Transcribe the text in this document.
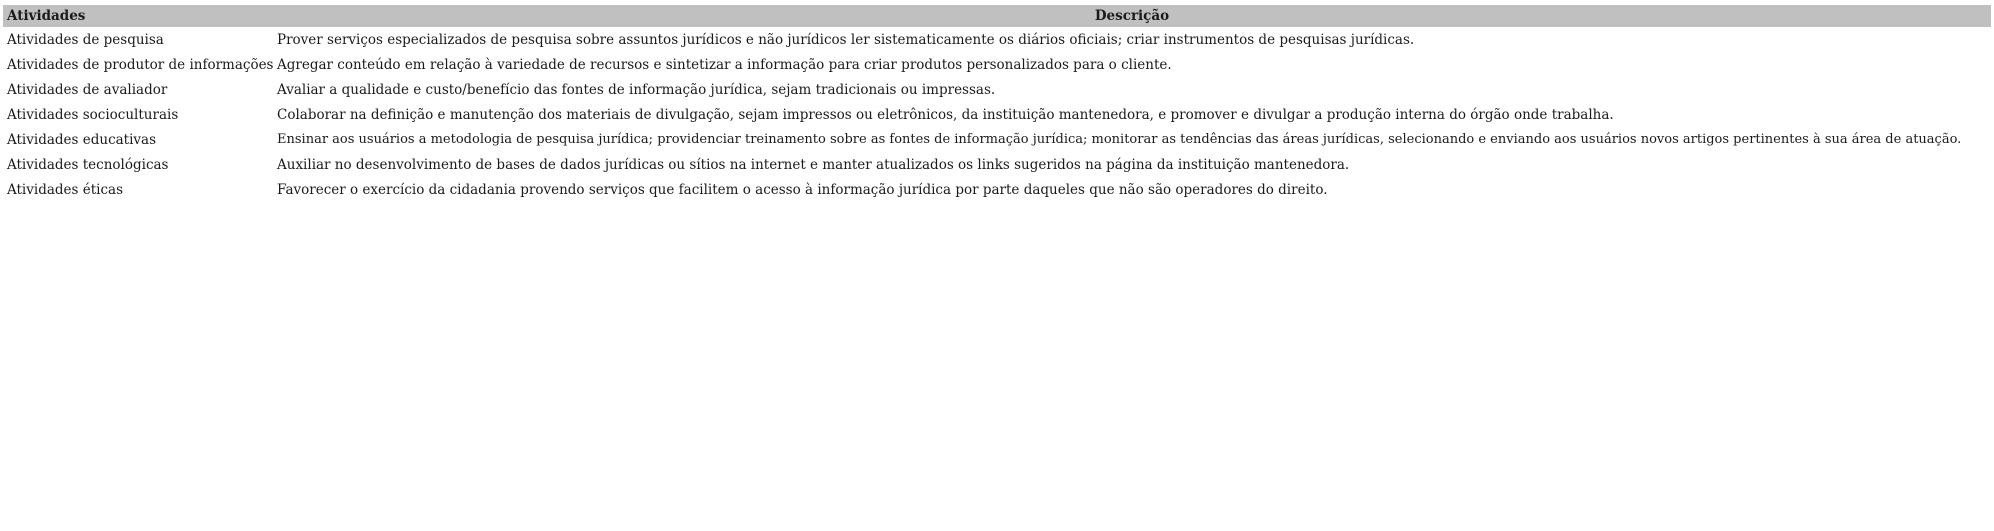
Atividades	Descrição
Atividades de pesquisa	Prover serviços especializados de pesquisa sobre assuntos jurídicos e não jurídicos ler sistematicamente os diários oficiais; criar instrumentos de pesquisas jurídicas.
Atividades de produtor de informações	Agregar conteúdo em relação à variedade de recursos e sintetizar a informação para criar produtos personalizados para o cliente.
Atividades de avaliador	Avaliar a qualidade e custo/benefício das fontes de informação jurídica, sejam tradicionais ou impressas.
Atividades socioculturais	Colaborar na definição e manutenção dos materiais de divulgação, sejam impressos ou eletrônicos, da instituição mantenedora, e promover e divulgar a produção interna do órgão onde trabalha.
Atividades educativas	Ensinar aos usuários a metodologia de pesquisa jurídica; providenciar treinamento sobre as fontes de informação jurídica; monitorar as tendências das áreas jurídicas, selecionando e enviando aos usuários novos artigos pertinentes à sua área de atuação.
Atividades tecnológicas	Auxiliar no desenvolvimento de bases de dados jurídicas ou sítios na internet e manter atualizados os links sugeridos na página da instituição mantenedora.
Atividades éticas	Favorecer o exercício da cidadania provendo serviços que facilitem o acesso à informação jurídica por parte daqueles que não são operadores do direito.
